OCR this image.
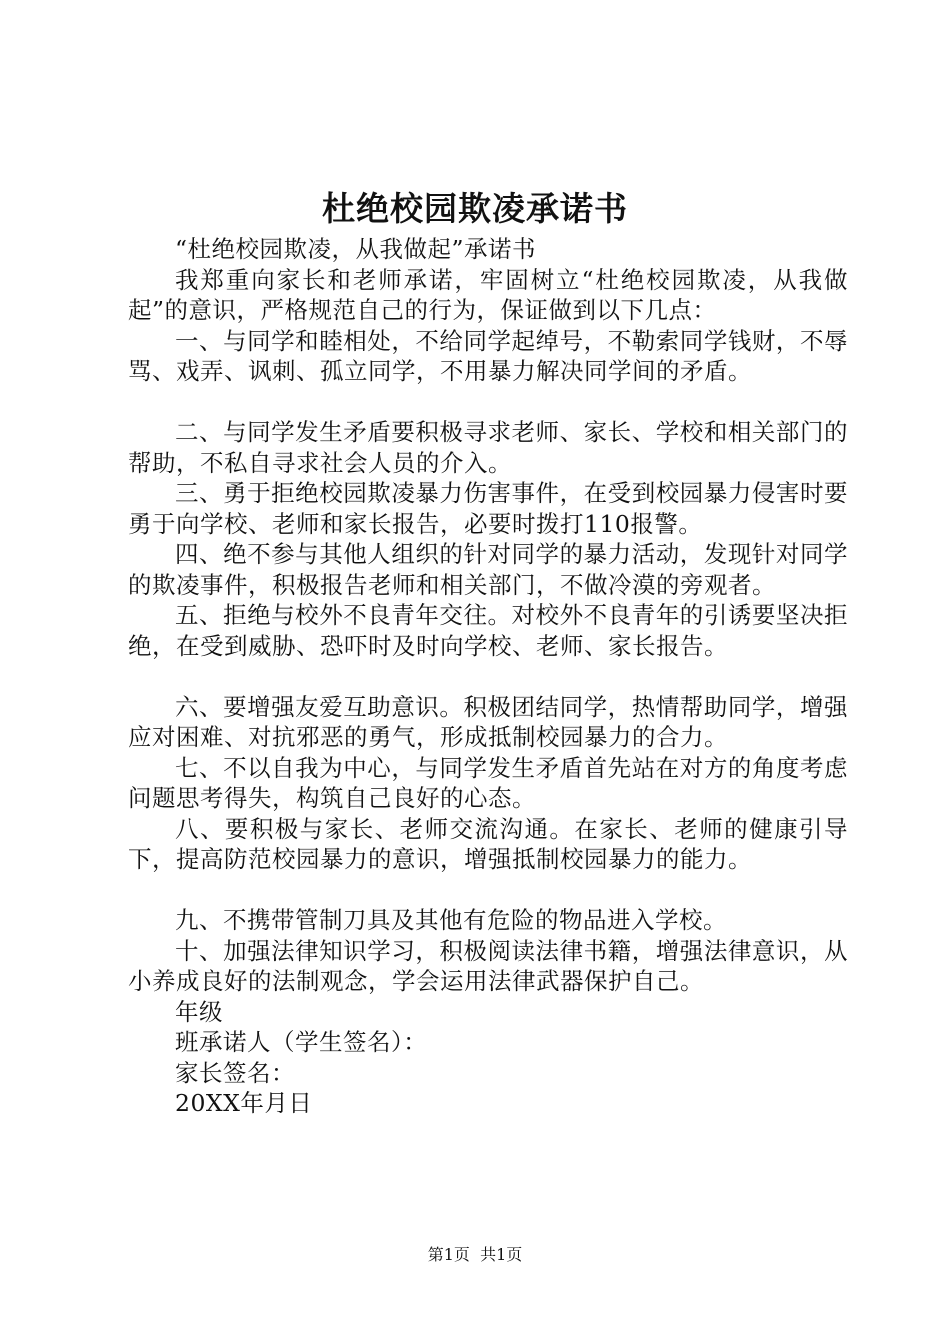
杜绝校园欺凌承诺书

“杜绝校园欺凌，从我做起”承诺书

我郑重向家长和老师承诺，牢固树立“杜绝校园欺凌，从我做起”的意识，严格规范自己的行为，保证做到以下几点：

一、与同学和睦相处，不给同学起绰号，不勒索同学钱财，不辱骂、戏弄、讽刺、孤立同学，不用暴力解决同学间的矛盾。

二、与同学发生矛盾要积极寻求老师、家长、学校和相关部门的帮助，不私自寻求社会人员的介入。

三、勇于拒绝校园欺凌暴力伤害事件，在受到校园暴力侵害时要勇于向学校、老师和家长报告，必要时拨打110报警。

四、绝不参与其他人组织的针对同学的暴力活动，发现针对同学的欺凌事件，积极报告老师和相关部门，不做冷漠的旁观者。

五、拒绝与校外不良青年交往。对校外不良青年的引诱要坚决拒绝，在受到威胁、恐吓时及时向学校、老师、家长报告。

六、要增强友爱互助意识。积极团结同学，热情帮助同学，增强应对困难、对抗邪恶的勇气，形成抵制校园暴力的合力。

七、不以自我为中心，与同学发生矛盾首先站在对方的角度考虑问题思考得失，构筑自己良好的心态。

八、要积极与家长、老师交流沟通。在家长、老师的健康引导下，提高防范校园暴力的意识，增强抵制校园暴力的能力。

九、不携带管制刀具及其他有危险的物品进入学校。

十、加强法律知识学习，积极阅读法律书籍，增强法律意识，从小养成良好的法制观念，学会运用法律武器保护自己。

年级

班承诺人（学生签名）：

家长签名：

20XX年月日

第1页 共1页
